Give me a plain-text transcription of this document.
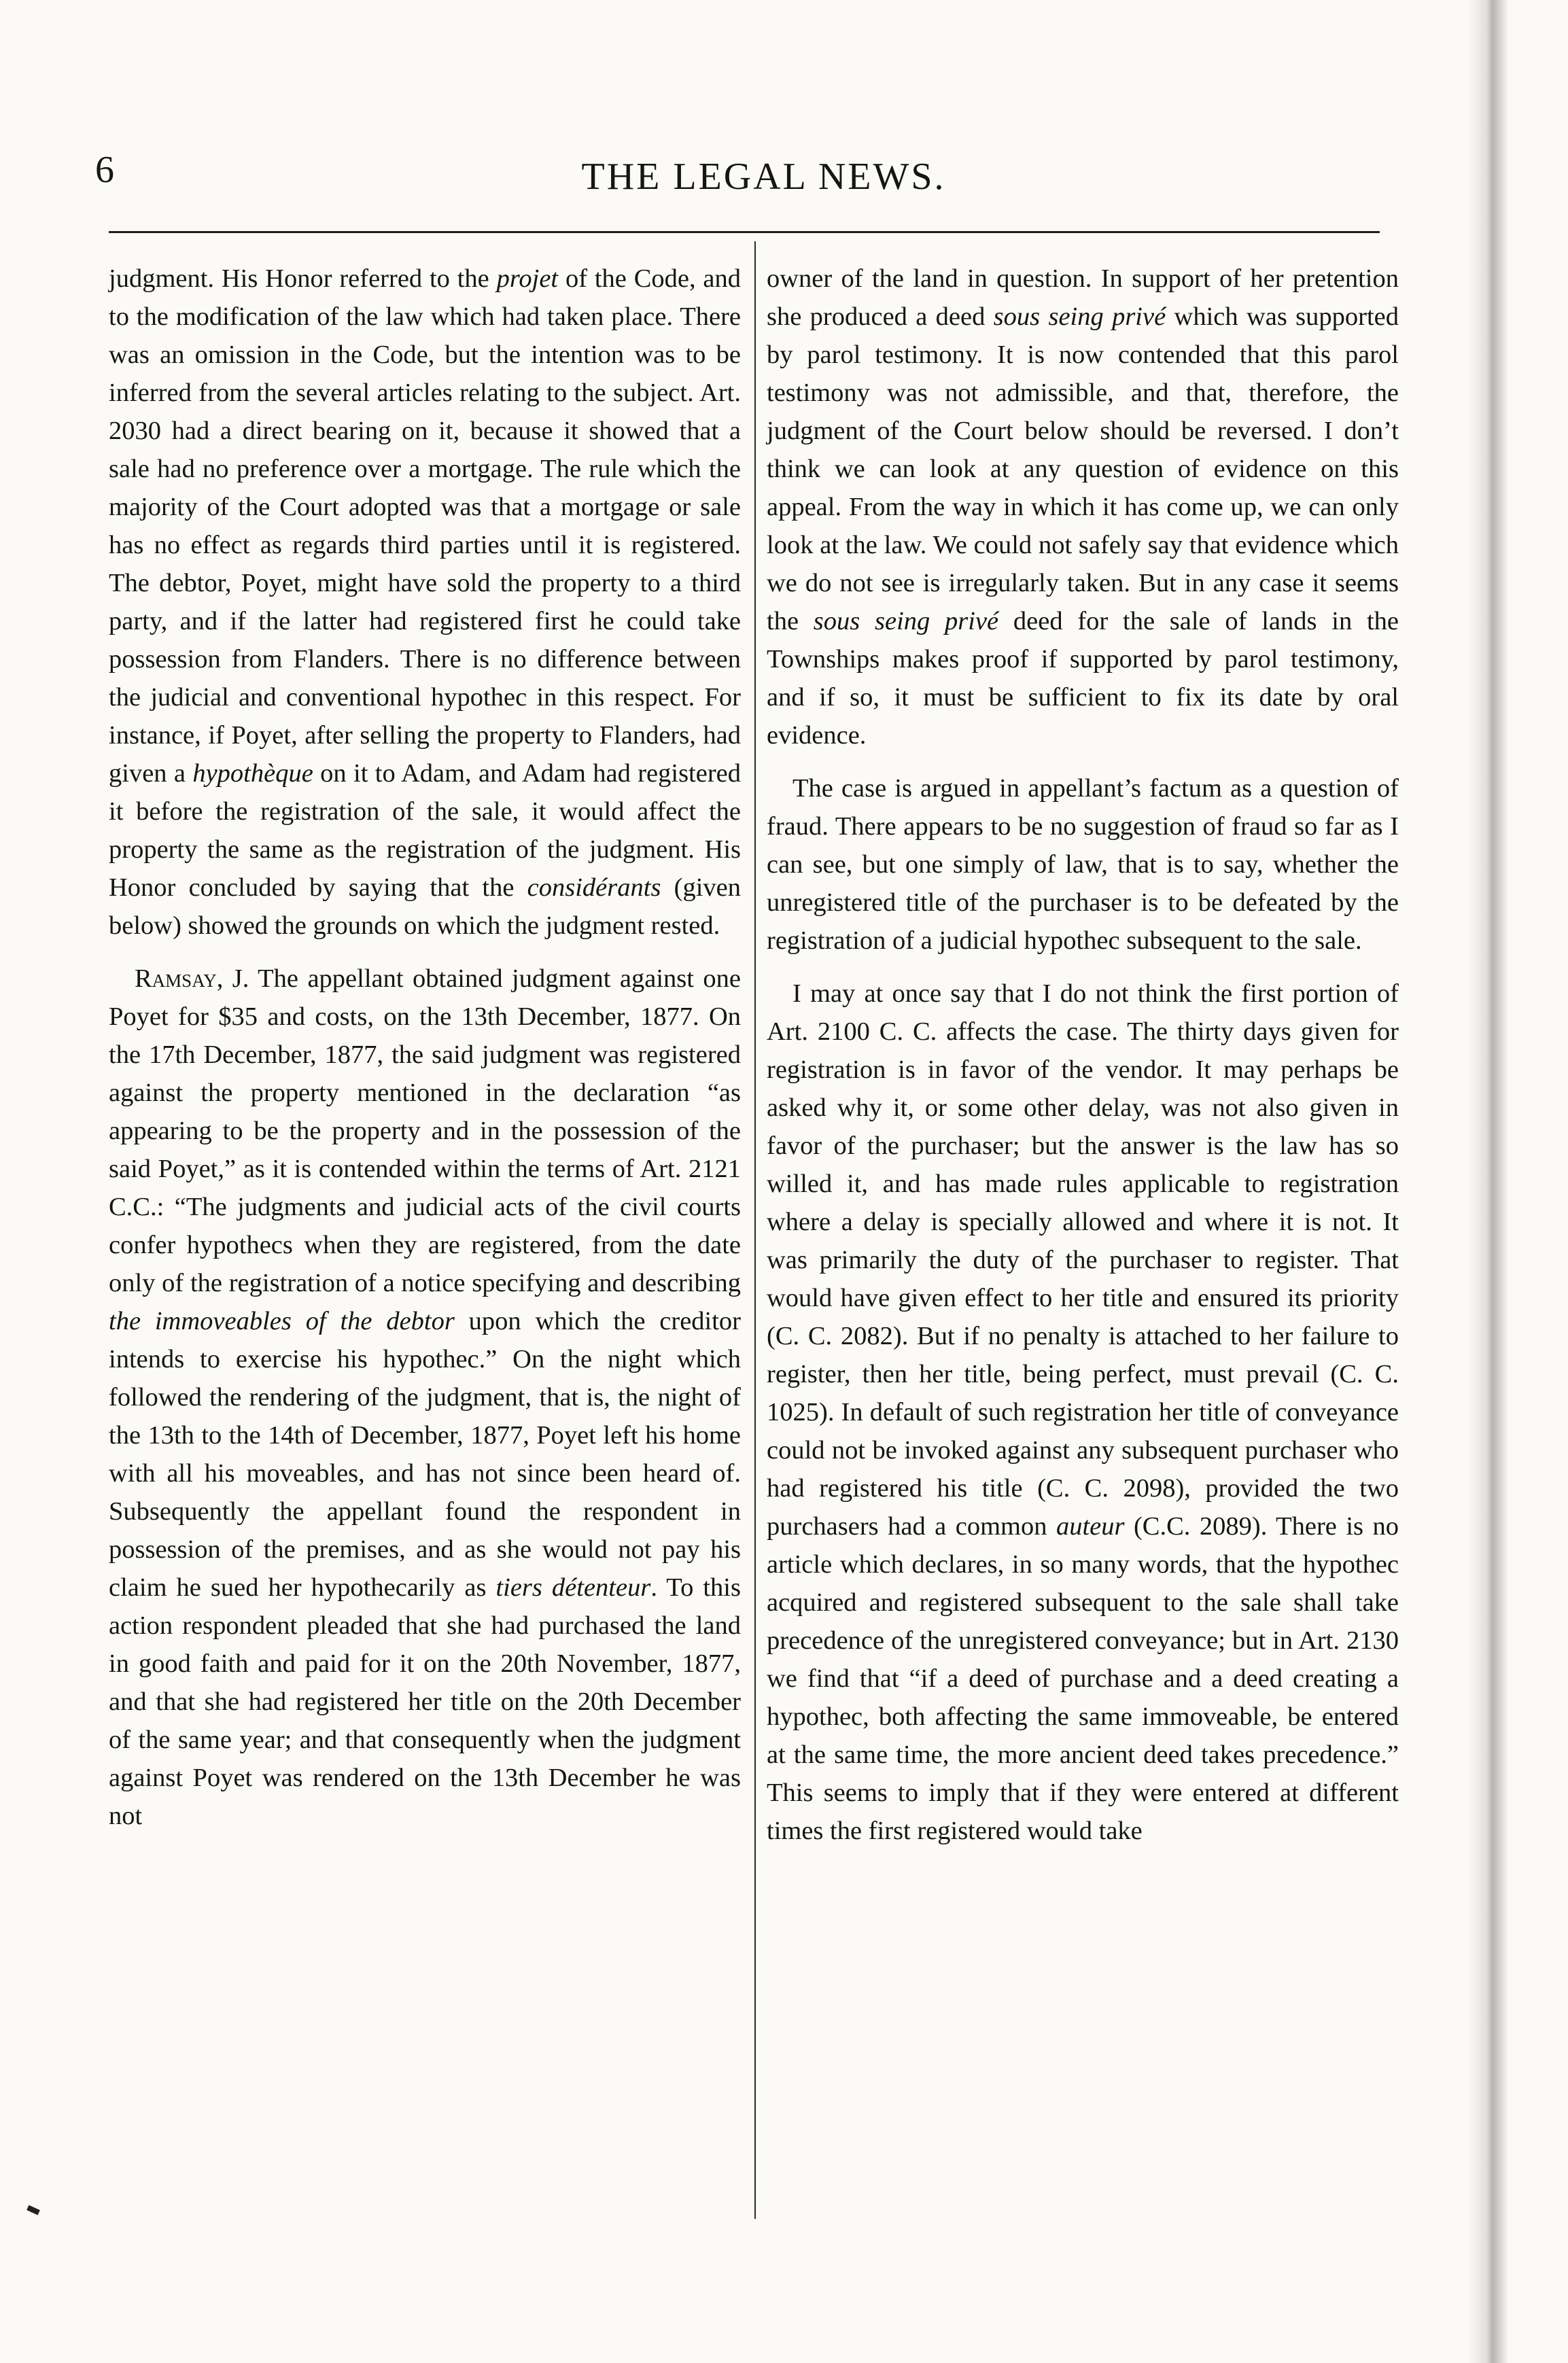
6	THE LEGAL NEWS.

judgment. His Honor referred to the projet of the Code, and to the modification of the law which had taken place. There was an omission in the Code, but the intention was to be inferred from the several articles relating to the subject. Art. 2030 had a direct bearing on it, because it showed that a sale had no preference over a mortgage. The rule which the majority of the Court adopted was that a mortgage or sale has no effect as regards third parties until it is registered. The debtor, Poyet, might have sold the property to a third party, and if the latter had registered first he could take possession from Flanders. There is no difference between the judicial and conventional hypothec in this respect. For instance, if Poyet, after selling the property to Flanders, had given a hypothèque on it to Adam, and Adam had registered it before the registration of the sale, it would affect the property the same as the registration of the judgment. His Honor concluded by saying that the considérants (given below) showed the grounds on which the judgment rested.

Ramsay, J. The appellant obtained judgment against one Poyet for $35 and costs, on the 13th December, 1877. On the 17th December, 1877, the said judgment was registered against the property mentioned in the declaration “as appearing to be the property and in the possession of the said Poyet,” as it is contended within the terms of Art. 2121 C.C.: “The judgments and judicial acts of the civil courts confer hypothecs when they are registered, from the date only of the registration of a notice specifying and describing the immoveables of the debtor upon which the creditor intends to exercise his hypothec.” On the night which followed the rendering of the judgment, that is, the night of the 13th to the 14th of December, 1877, Poyet left his home with all his moveables, and has not since been heard of. Subsequently the appellant found the respondent in possession of the premises, and as she would not pay his claim he sued her hypothecarily as tiers détenteur. To this action respondent pleaded that she had purchased the land in good faith and paid for it on the 20th November, 1877, and that she had registered her title on the 20th December of the same year; and that consequently when the judgment against Poyet was rendered on the 13th December he was not

owner of the land in question. In support of her pretention she produced a deed sous seing privé which was supported by parol testimony. It is now contended that this parol testimony was not admissible, and that, therefore, the judgment of the Court below should be reversed. I don’t think we can look at any question of evidence on this appeal. From the way in which it has come up, we can only look at the law. We could not safely say that evidence which we do not see is irregularly taken. But in any case it seems the sous seing privé deed for the sale of lands in the Townships makes proof if supported by parol testimony, and if so, it must be sufficient to fix its date by oral evidence.

The case is argued in appellant’s factum as a question of fraud. There appears to be no suggestion of fraud so far as I can see, but one simply of law, that is to say, whether the unregistered title of the purchaser is to be defeated by the registration of a judicial hypothec subsequent to the sale.

I may at once say that I do not think the first portion of Art. 2100 C. C. affects the case. The thirty days given for registration is in favor of the vendor. It may perhaps be asked why it, or some other delay, was not also given in favor of the purchaser; but the answer is the law has so willed it, and has made rules applicable to registration where a delay is specially allowed and where it is not. It was primarily the duty of the purchaser to register. That would have given effect to her title and ensured its priority (C. C. 2082). But if no penalty is attached to her failure to register, then her title, being perfect, must prevail (C. C. 1025). In default of such registration her title of conveyance could not be invoked against any subsequent purchaser who had registered his title (C. C. 2098), provided the two purchasers had a common auteur (C.C. 2089). There is no article which declares, in so many words, that the hypothec acquired and registered subsequent to the sale shall take precedence of the unregistered conveyance; but in Art. 2130 we find that “if a deed of purchase and a deed creating a hypothec, both affecting the same immoveable, be entered at the same time, the more ancient deed takes precedence.” This seems to imply that if they were entered at different times the first registered would take
